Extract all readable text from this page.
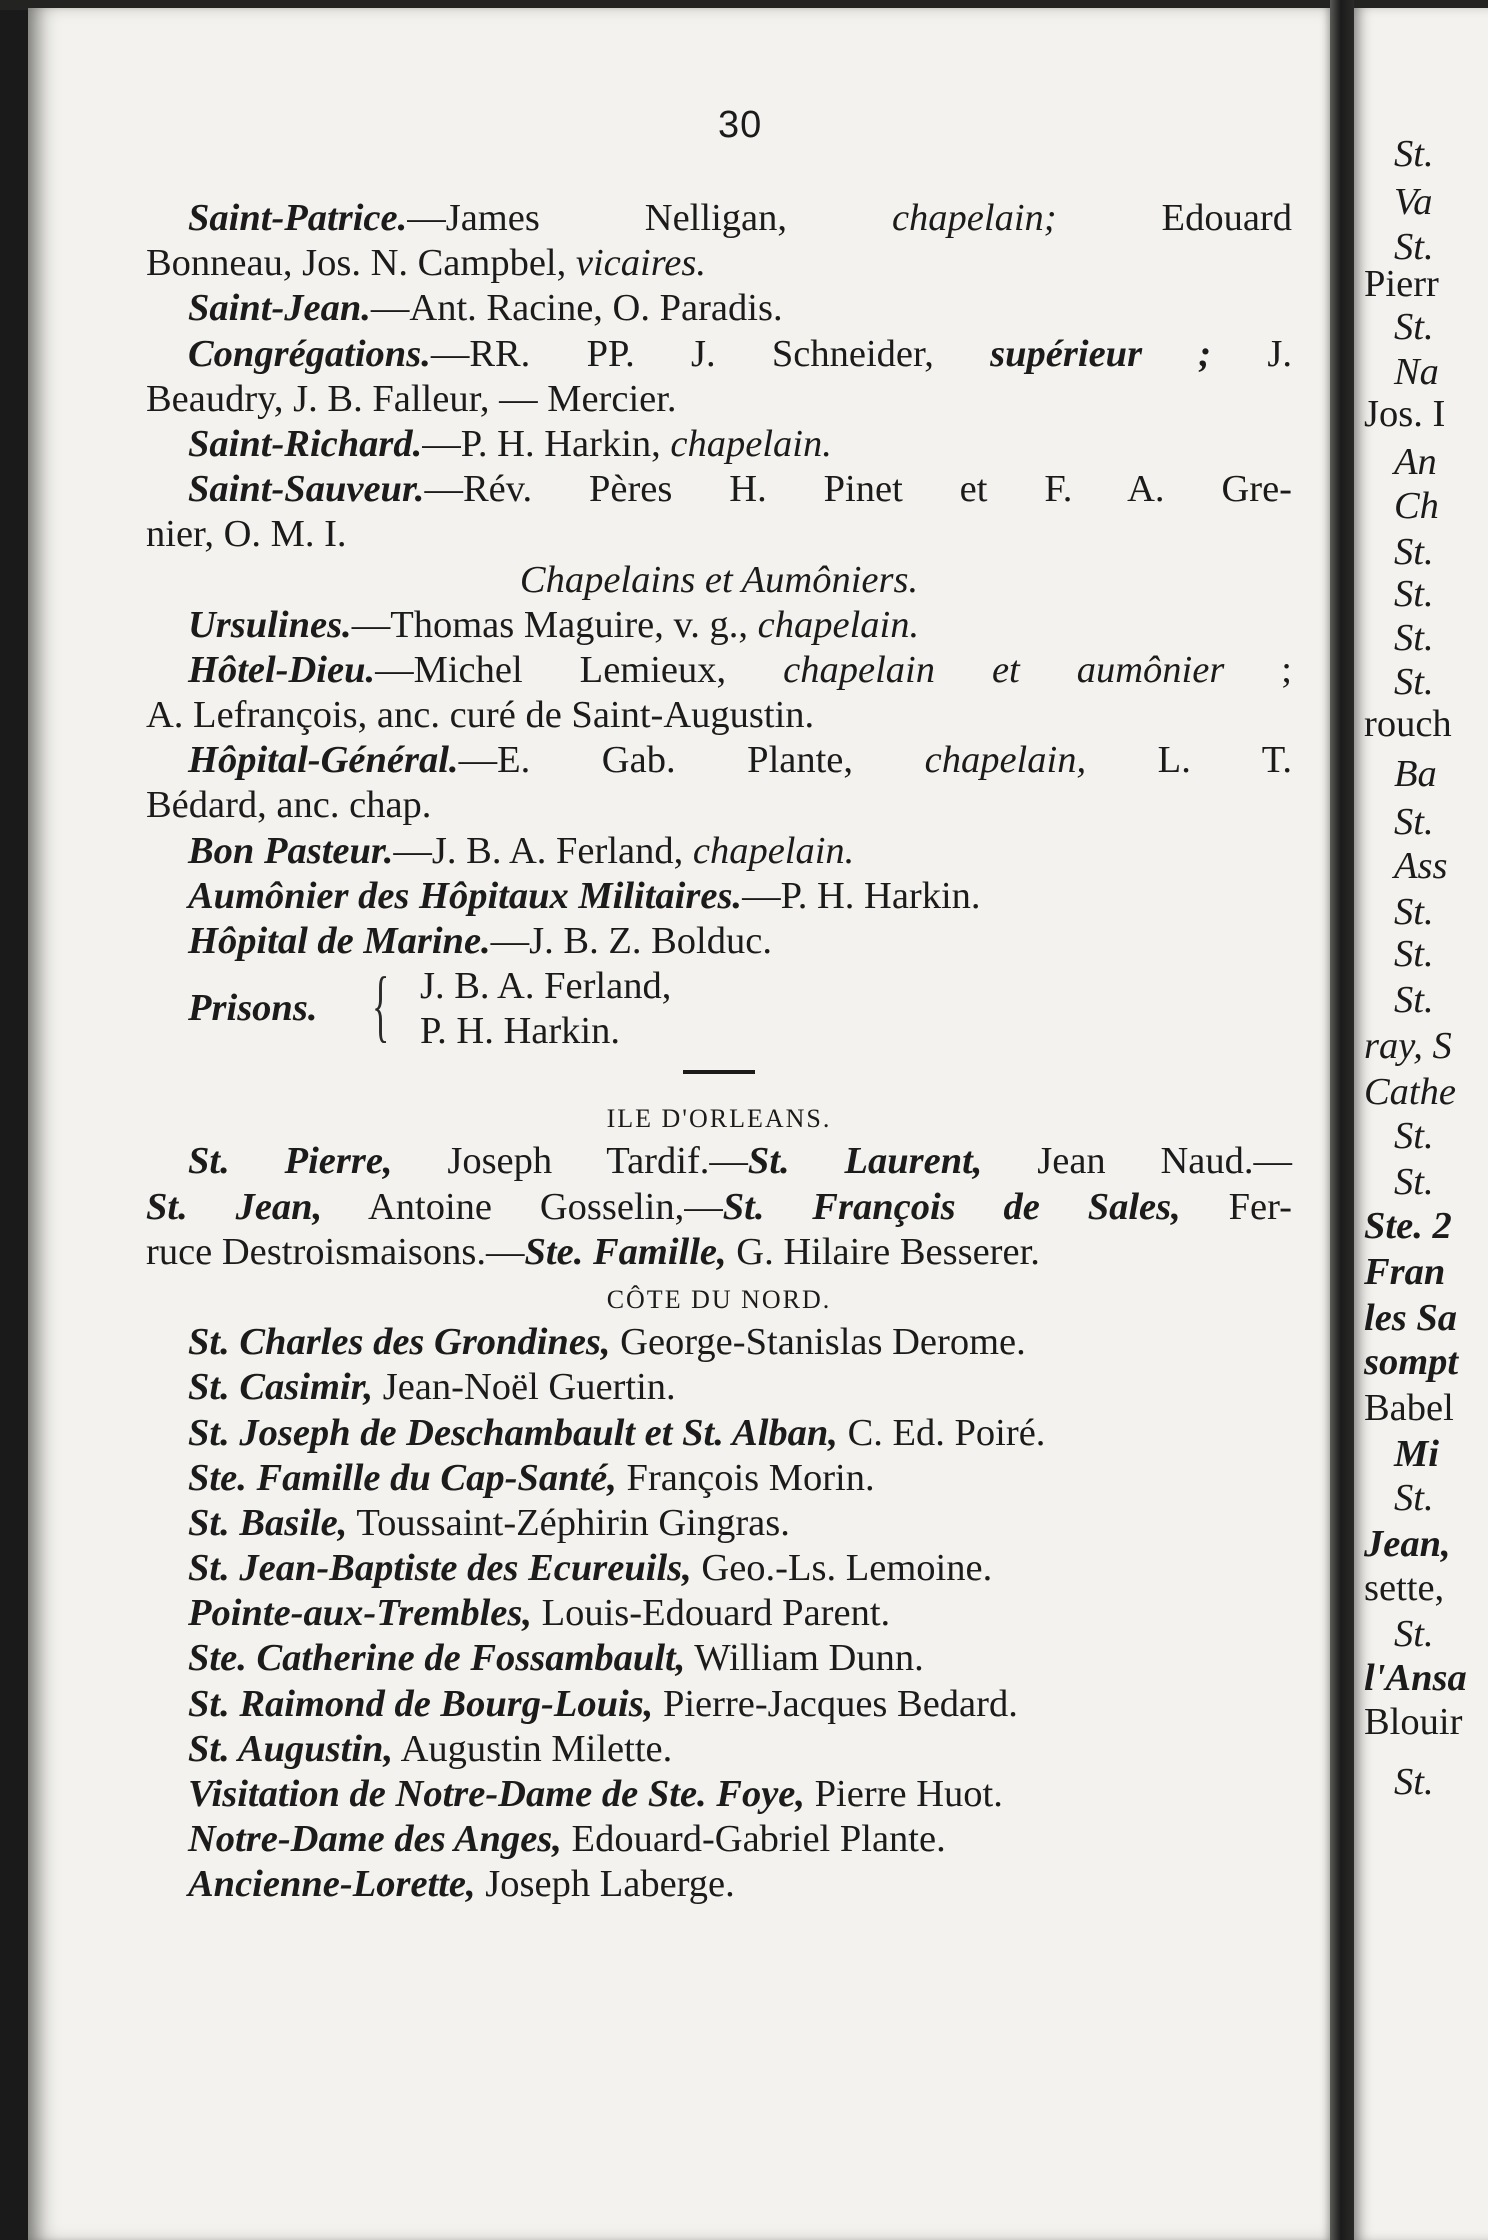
30
St.
Va
St.
Pierr
St.
Na
Jos. I
An
Ch
St.
St.
St.
St.
rouch
Ba
St.
Ass
St.
St.
St.
ray, S
Cathe
St.
St.
Ste. 2
Fran
les Sa
sompt
Babel
Mi
St.
Jean,
sette,
St.
l'Ansa
Blouir
St.
Saint-Patrice.—James Nelligan, chapelain; Edouard
Bonneau, Jos. N. Campbel, vicaires.
Saint-Jean.—Ant. Racine, O. Paradis.
Congrégations.—RR. PP. J. Schneider, supérieur ; J.
Beaudry, J. B. Falleur, — Mercier.
Saint-Richard.—P. H. Harkin, chapelain.
Saint-Sauveur.—Rév. Pères H. Pinet et F. A. Gre-
nier, O. M. I.
Chapelains et Aumôniers.
Ursulines.—Thomas Maguire, v. g., chapelain.
Hôtel-Dieu.—Michel Lemieux, chapelain et aumônier ;
A. Lefrançois, anc. curé de Saint-Augustin.
Hôpital-Général.—E. Gab. Plante, chapelain, L. T.
Bédard, anc. chap.
Bon Pasteur.—J. B. A. Ferland, chapelain.
Aumônier des Hôpitaux Militaires.—P. H. Harkin.
Hôpital de Marine.—J. B. Z. Bolduc.
Prisons. { J. B. A. Ferland,
P. H. Harkin.
ILE D'ORLEANS.
St. Pierre, Joseph Tardif.—St. Laurent, Jean Naud.—
St. Jean, Antoine Gosselin,—St. François de Sales, Fer-
ruce Destroismaisons.—Ste. Famille, G. Hilaire Besserer.
CÔTE DU NORD.
St. Charles des Grondines, George-Stanislas Derome.
St. Casimir, Jean-Noël Guertin.
St. Joseph de Deschambault et St. Alban, C. Ed. Poiré.
Ste. Famille du Cap-Santé, François Morin.
St. Basile, Toussaint-Zéphirin Gingras.
St. Jean-Baptiste des Ecureuils, Geo.-Ls. Lemoine.
Pointe-aux-Trembles, Louis-Edouard Parent.
Ste. Catherine de Fossambault, William Dunn.
St. Raimond de Bourg-Louis, Pierre-Jacques Bedard.
St. Augustin, Augustin Milette.
Visitation de Notre-Dame de Ste. Foye, Pierre Huot.
Notre-Dame des Anges, Edouard-Gabriel Plante.
Ancienne-Lorette, Joseph Laberge.
